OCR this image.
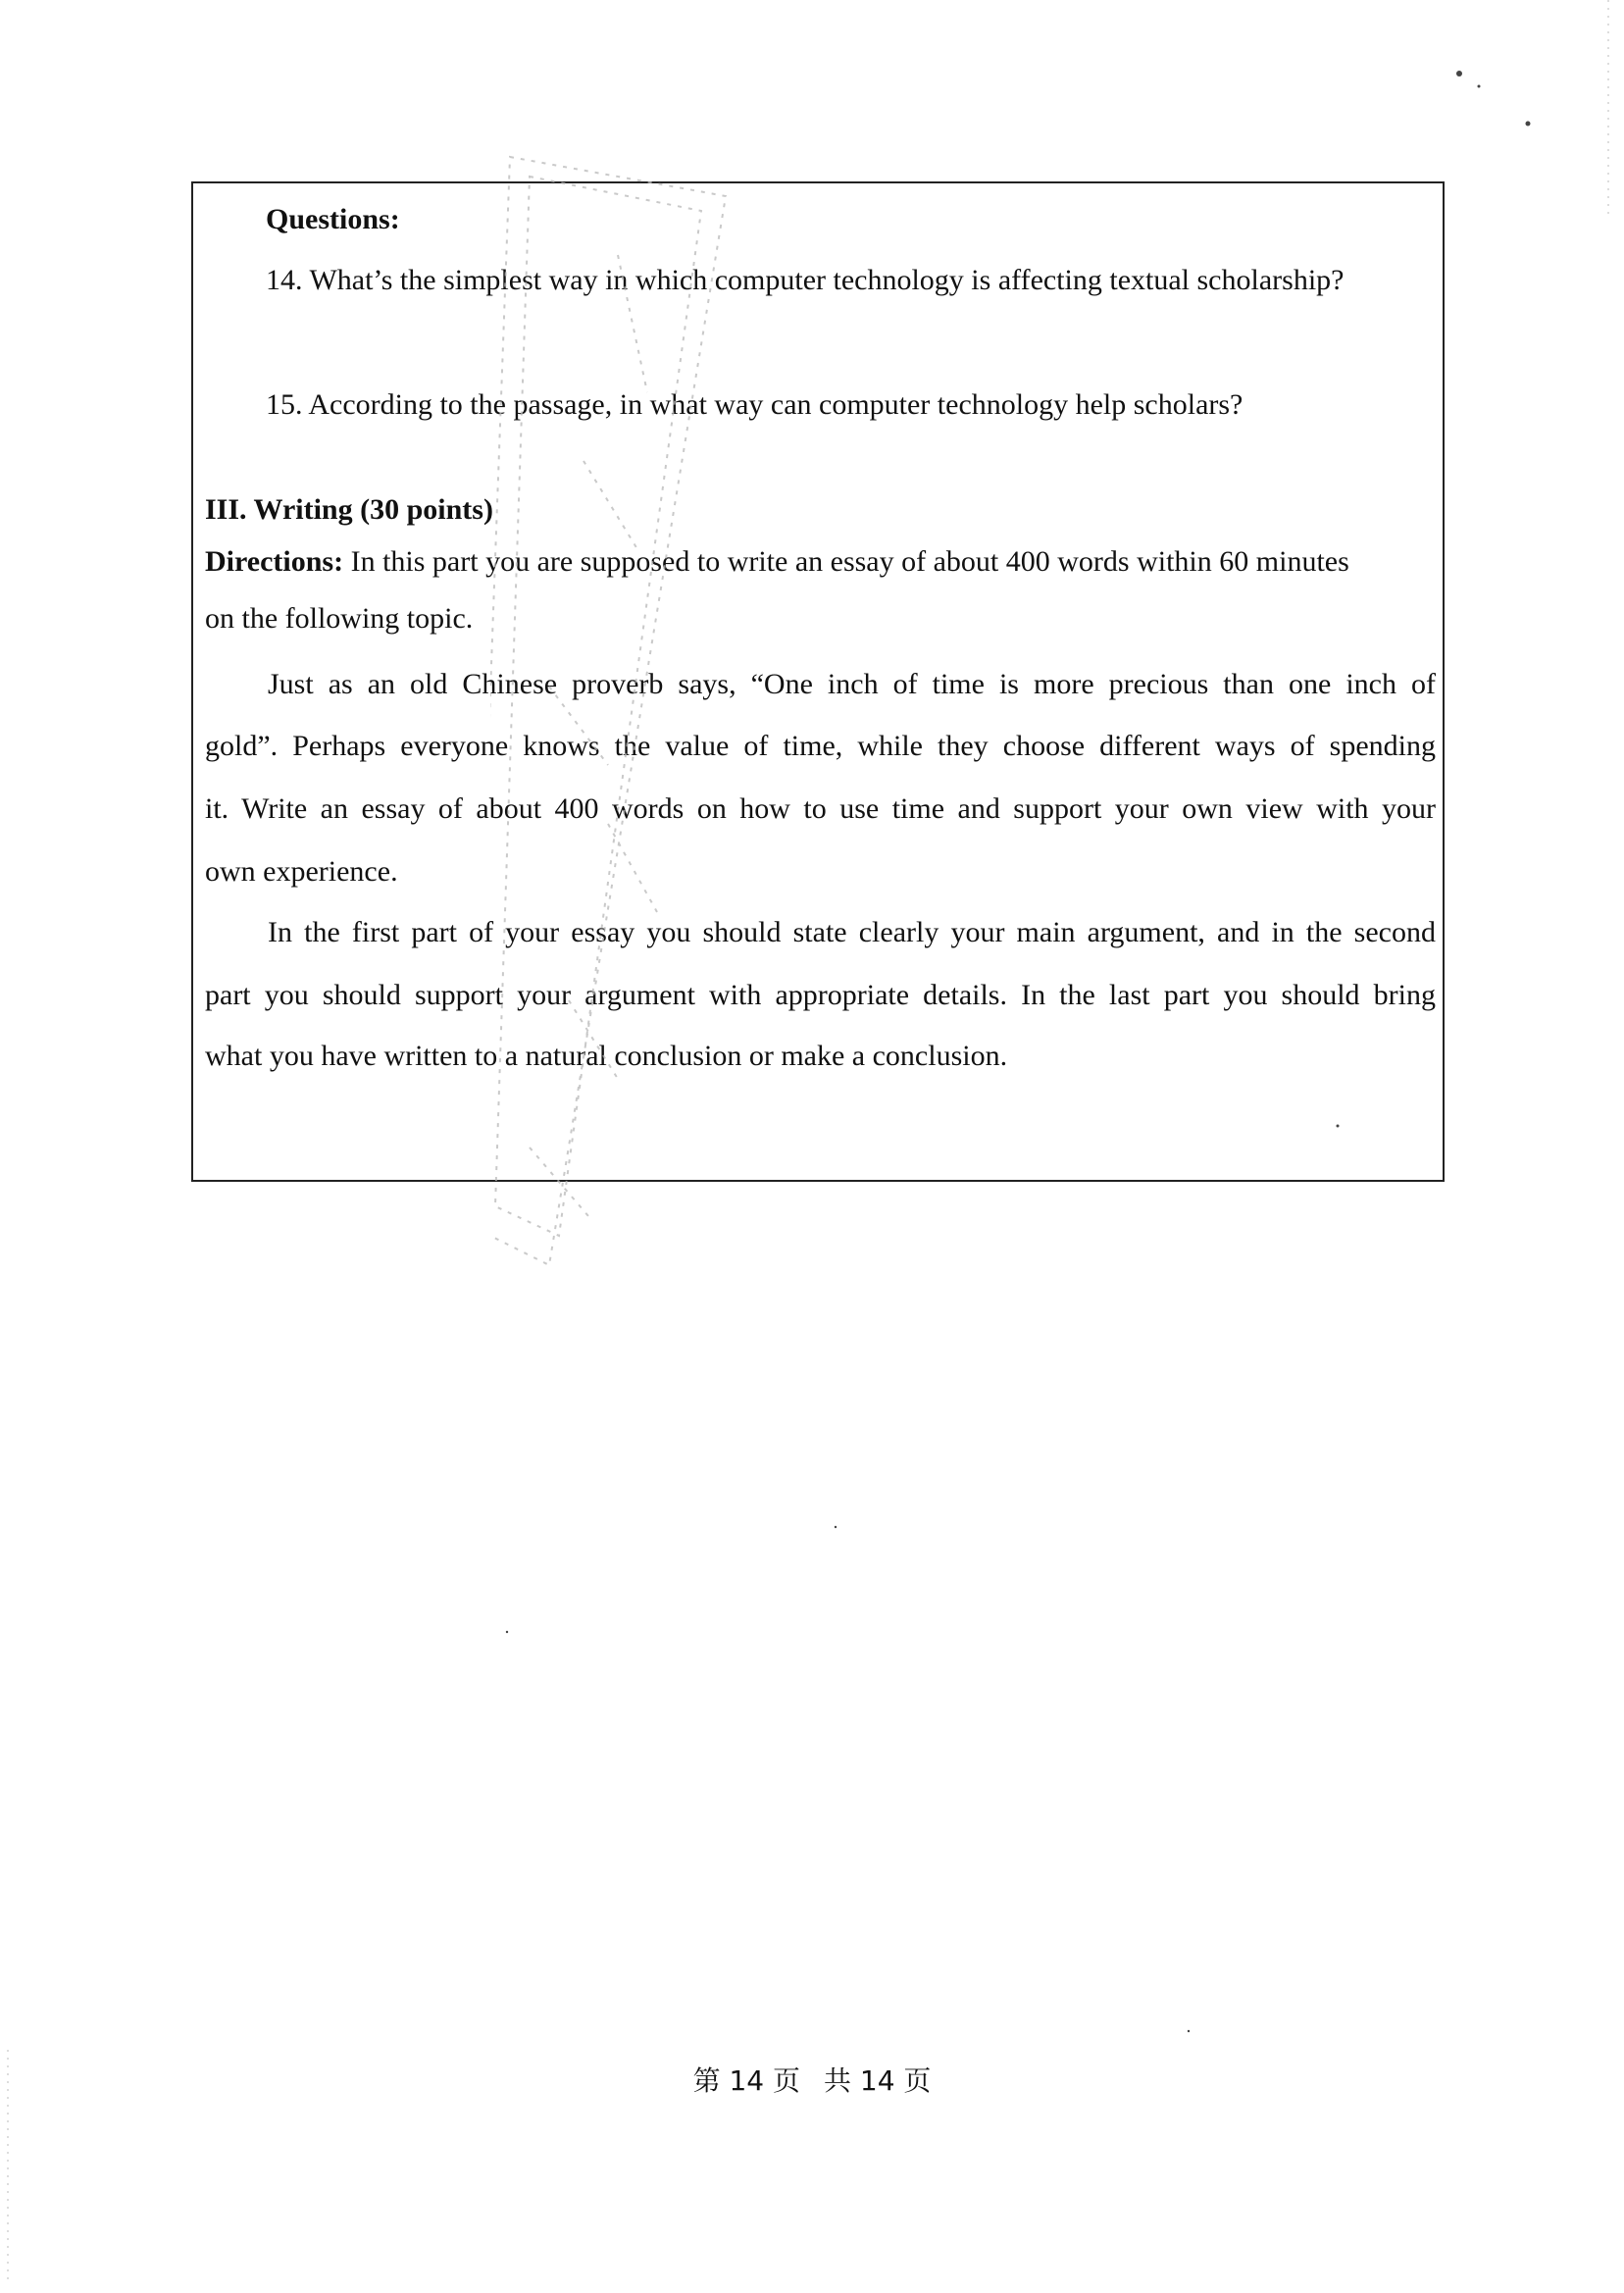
Questions:
14. What’s the simplest way in which computer technology is affecting textual scholarship?
15. According to the passage, in what way can computer technology help scholars?
III. Writing (30 points)
Directions: In this part you are supposed to write an essay of about 400 words within 60 minutes
on the following topic.
Just as an old Chinese proverb says, “One inch of time is more precious than one inch of
gold”. Perhaps everyone knows the value of time, while they choose different ways of spending
it. Write an essay of about 400 words on how to use time and support your own view with your
own experience.
In the first part of your essay you should state clearly your main argument, and in the second
part you should support your argument with appropriate details. In the last part you should bring
what you have written to a natural conclusion or make a conclusion.
第 14 页 共 14 页
